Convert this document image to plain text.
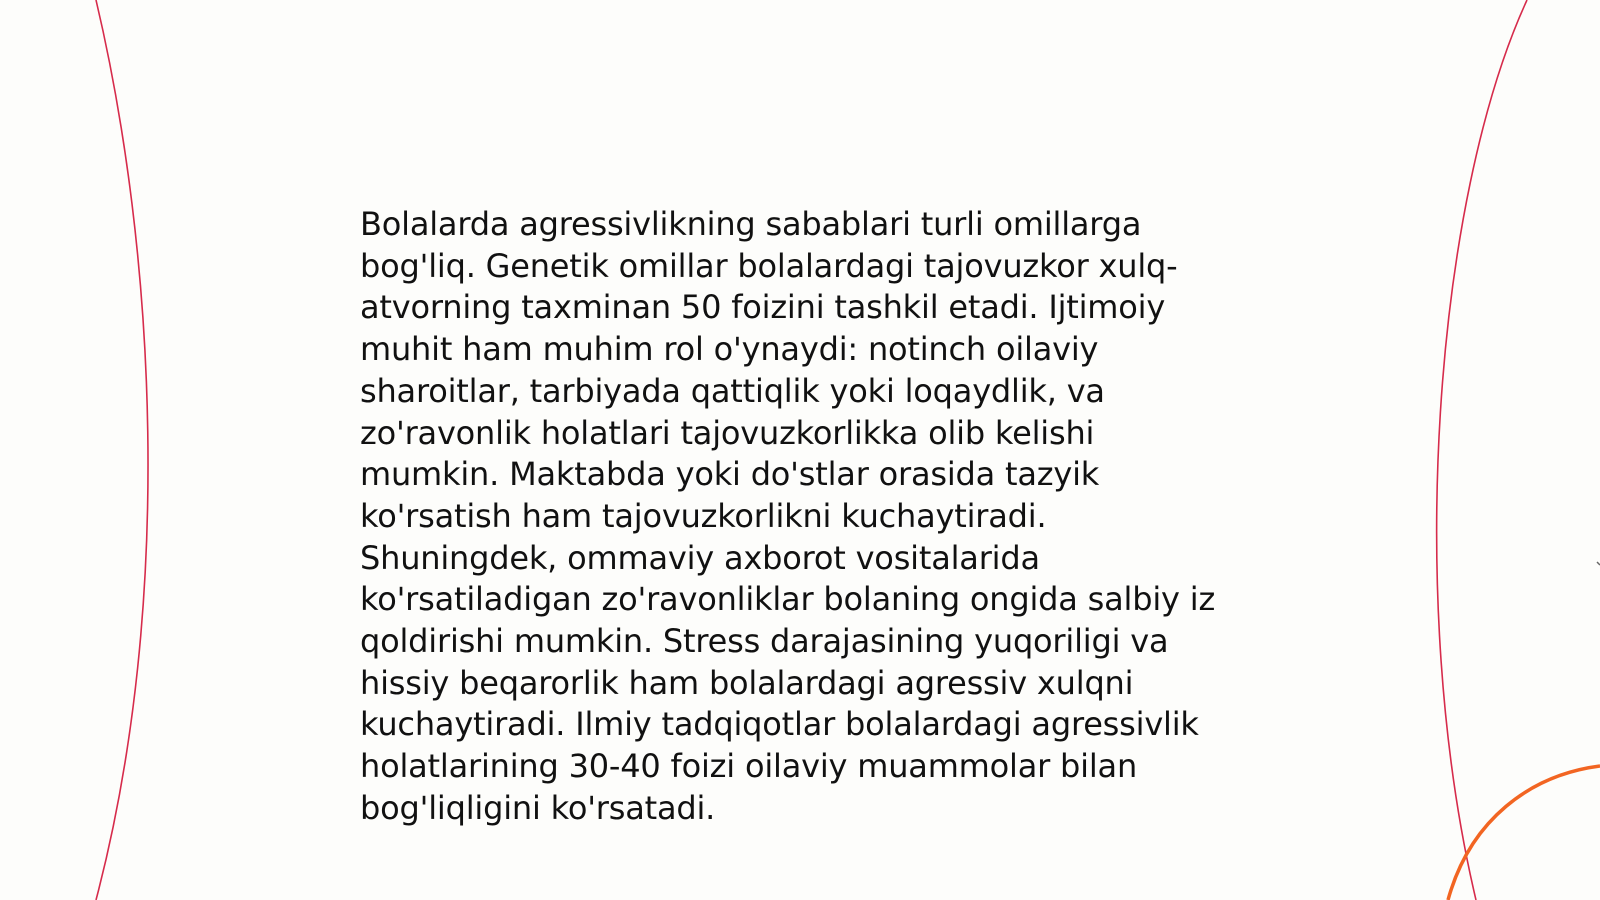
Bolalarda agressivlikning sabablari turli omillarga
bog'liq. Genetik omillar bolalardagi tajovuzkor xulq-
atvorning taxminan 50 foizini tashkil etadi. Ijtimoiy
muhit ham muhim rol o'ynaydi: notinch oilaviy
sharoitlar, tarbiyada qattiqlik yoki loqaydlik, va
zo'ravonlik holatlari tajovuzkorlikka olib kelishi
mumkin. Maktabda yoki do'stlar orasida tazyik
ko'rsatish ham tajovuzkorlikni kuchaytiradi.
Shuningdek, ommaviy axborot vositalarida
ko'rsatiladigan zo'ravonliklar bolaning ongida salbiy iz
qoldirishi mumkin. Stress darajasining yuqoriligi va
hissiy beqarorlik ham bolalardagi agressiv xulqni
kuchaytiradi. Ilmiy tadqiqotlar bolalardagi agressivlik
holatlarining 30-40 foizi oilaviy muammolar bilan
bog'liqligini ko'rsatadi.
